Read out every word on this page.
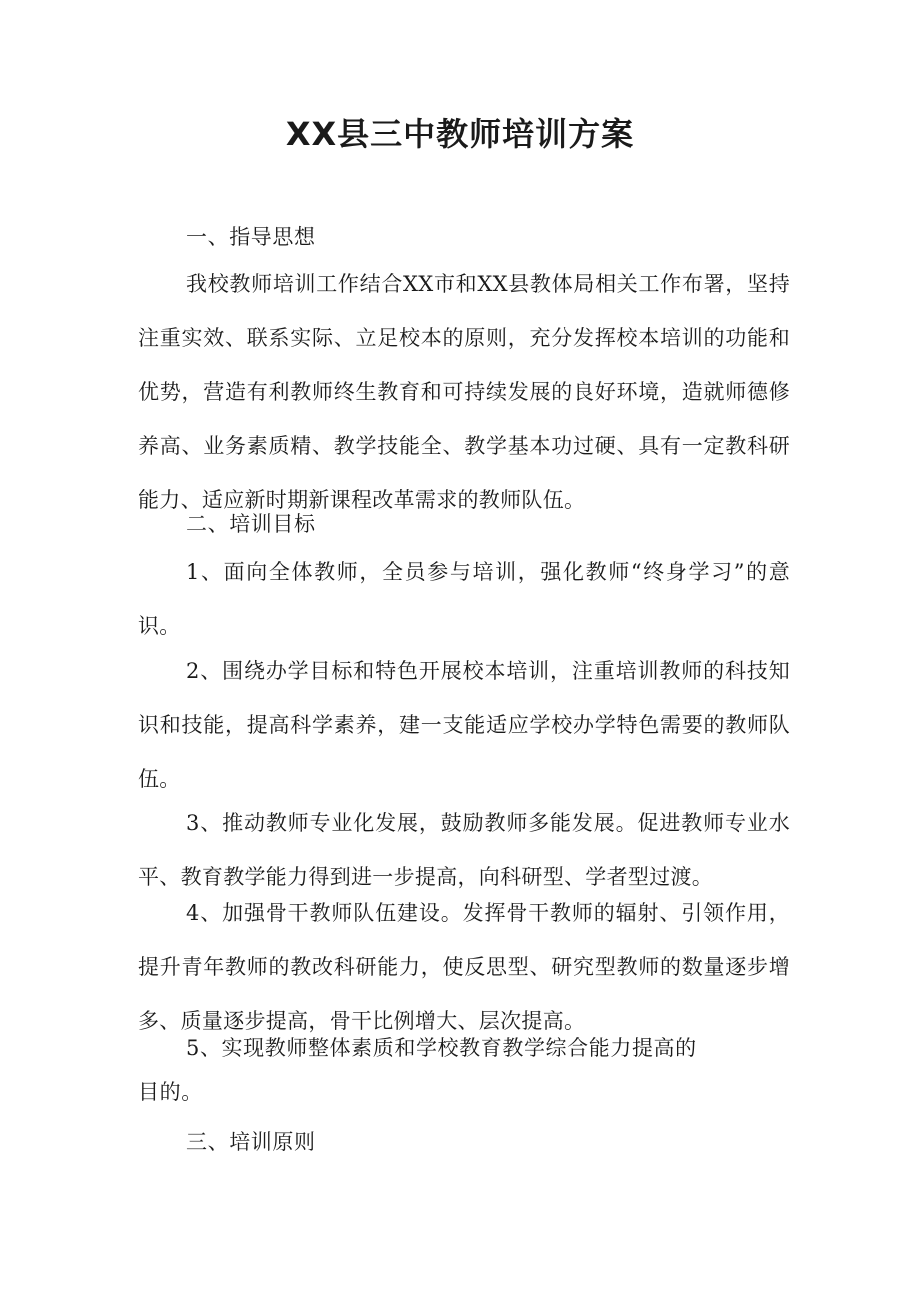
XX县三中教师培训方案
一、指导思想
我校教师培训工作结合XX市和XX县教体局相关工作布署，坚持注重实效、联系实际、立足校本的原则，充分发挥校本培训的功能和优势，营造有利教师终生教育和可持续发展的良好环境，造就师德修养高、业务素质精、教学技能全、教学基本功过硬、具有一定教科研能力、适应新时期新课程改革需求的教师队伍。
二、培训目标
1、面向全体教师，全员参与培训，强化教师“终身学习”的意识。
2、围绕办学目标和特色开展校本培训，注重培训教师的科技知识和技能，提高科学素养，建一支能适应学校办学特色需要的教师队伍。
3、推动教师专业化发展，鼓励教师多能发展。促进教师专业水平、教育教学能力得到进一步提高，向科研型、学者型过渡。
4、加强骨干教师队伍建设。发挥骨干教师的辐射、引领作用，提升青年教师的教改科研能力，使反思型、研究型教师的数量逐步增多、质量逐步提高，骨干比例增大、层次提高。
5、实现教师整体素质和学校教育教学综合能力提高的
目的。
三、培训原则
